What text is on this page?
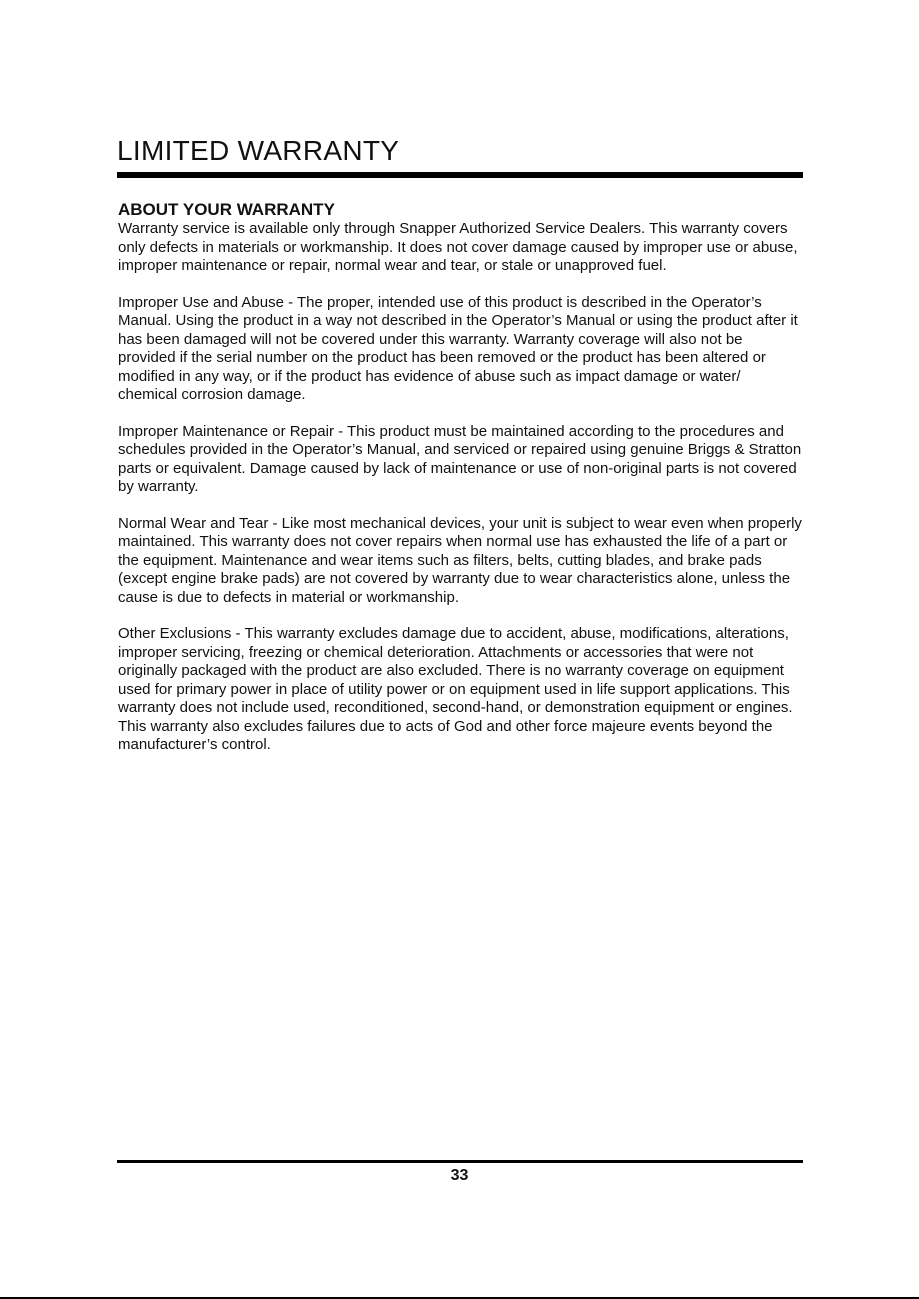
LIMITED WARRANTY
ABOUT YOUR WARRANTY

Warranty service is available only through Snapper Authorized Service Dealers. This warranty covers only defects in materials or workmanship. It does not cover damage caused by improper use or abuse, improper maintenance or repair, normal wear and tear, or stale or unapproved fuel.

Improper Use and Abuse - The proper, intended use of this product is described in the Operator’s Manual. Using the product in a way not described in the Operator’s Manual or using the product after it has been damaged will not be covered under this warranty. Warranty coverage will also not be provided if the serial number on the product has been removed or the product has been altered or modified in any way, or if the product has evidence of abuse such as impact damage or water/ chemical corrosion damage.

Improper Maintenance or Repair - This product must be maintained according to the procedures and schedules provided in the Operator’s Manual, and serviced or repaired using genuine Briggs & Stratton parts or equivalent. Damage caused by lack of maintenance or use of non-original parts is not covered by warranty.

Normal Wear and Tear - Like most mechanical devices, your unit is subject to wear even when properly maintained. This warranty does not cover repairs when normal use has exhausted the life of a part or the equipment. Maintenance and wear items such as filters, belts, cutting blades, and brake pads (except engine brake pads) are not covered by warranty due to wear characteristics alone, unless the cause is due to defects in material or workmanship.

Other Exclusions - This warranty excludes damage due to accident, abuse, modifications, alterations, improper servicing, freezing or chemical deterioration. Attachments or accessories that were not originally packaged with the product are also excluded. There is no warranty coverage on equipment used for primary power in place of utility power or on equipment used in life support applications. This warranty does not include used, reconditioned, second-hand, or demonstration equipment or engines. This warranty also excludes failures due to acts of God and other force majeure events beyond the manufacturer’s control.

33
